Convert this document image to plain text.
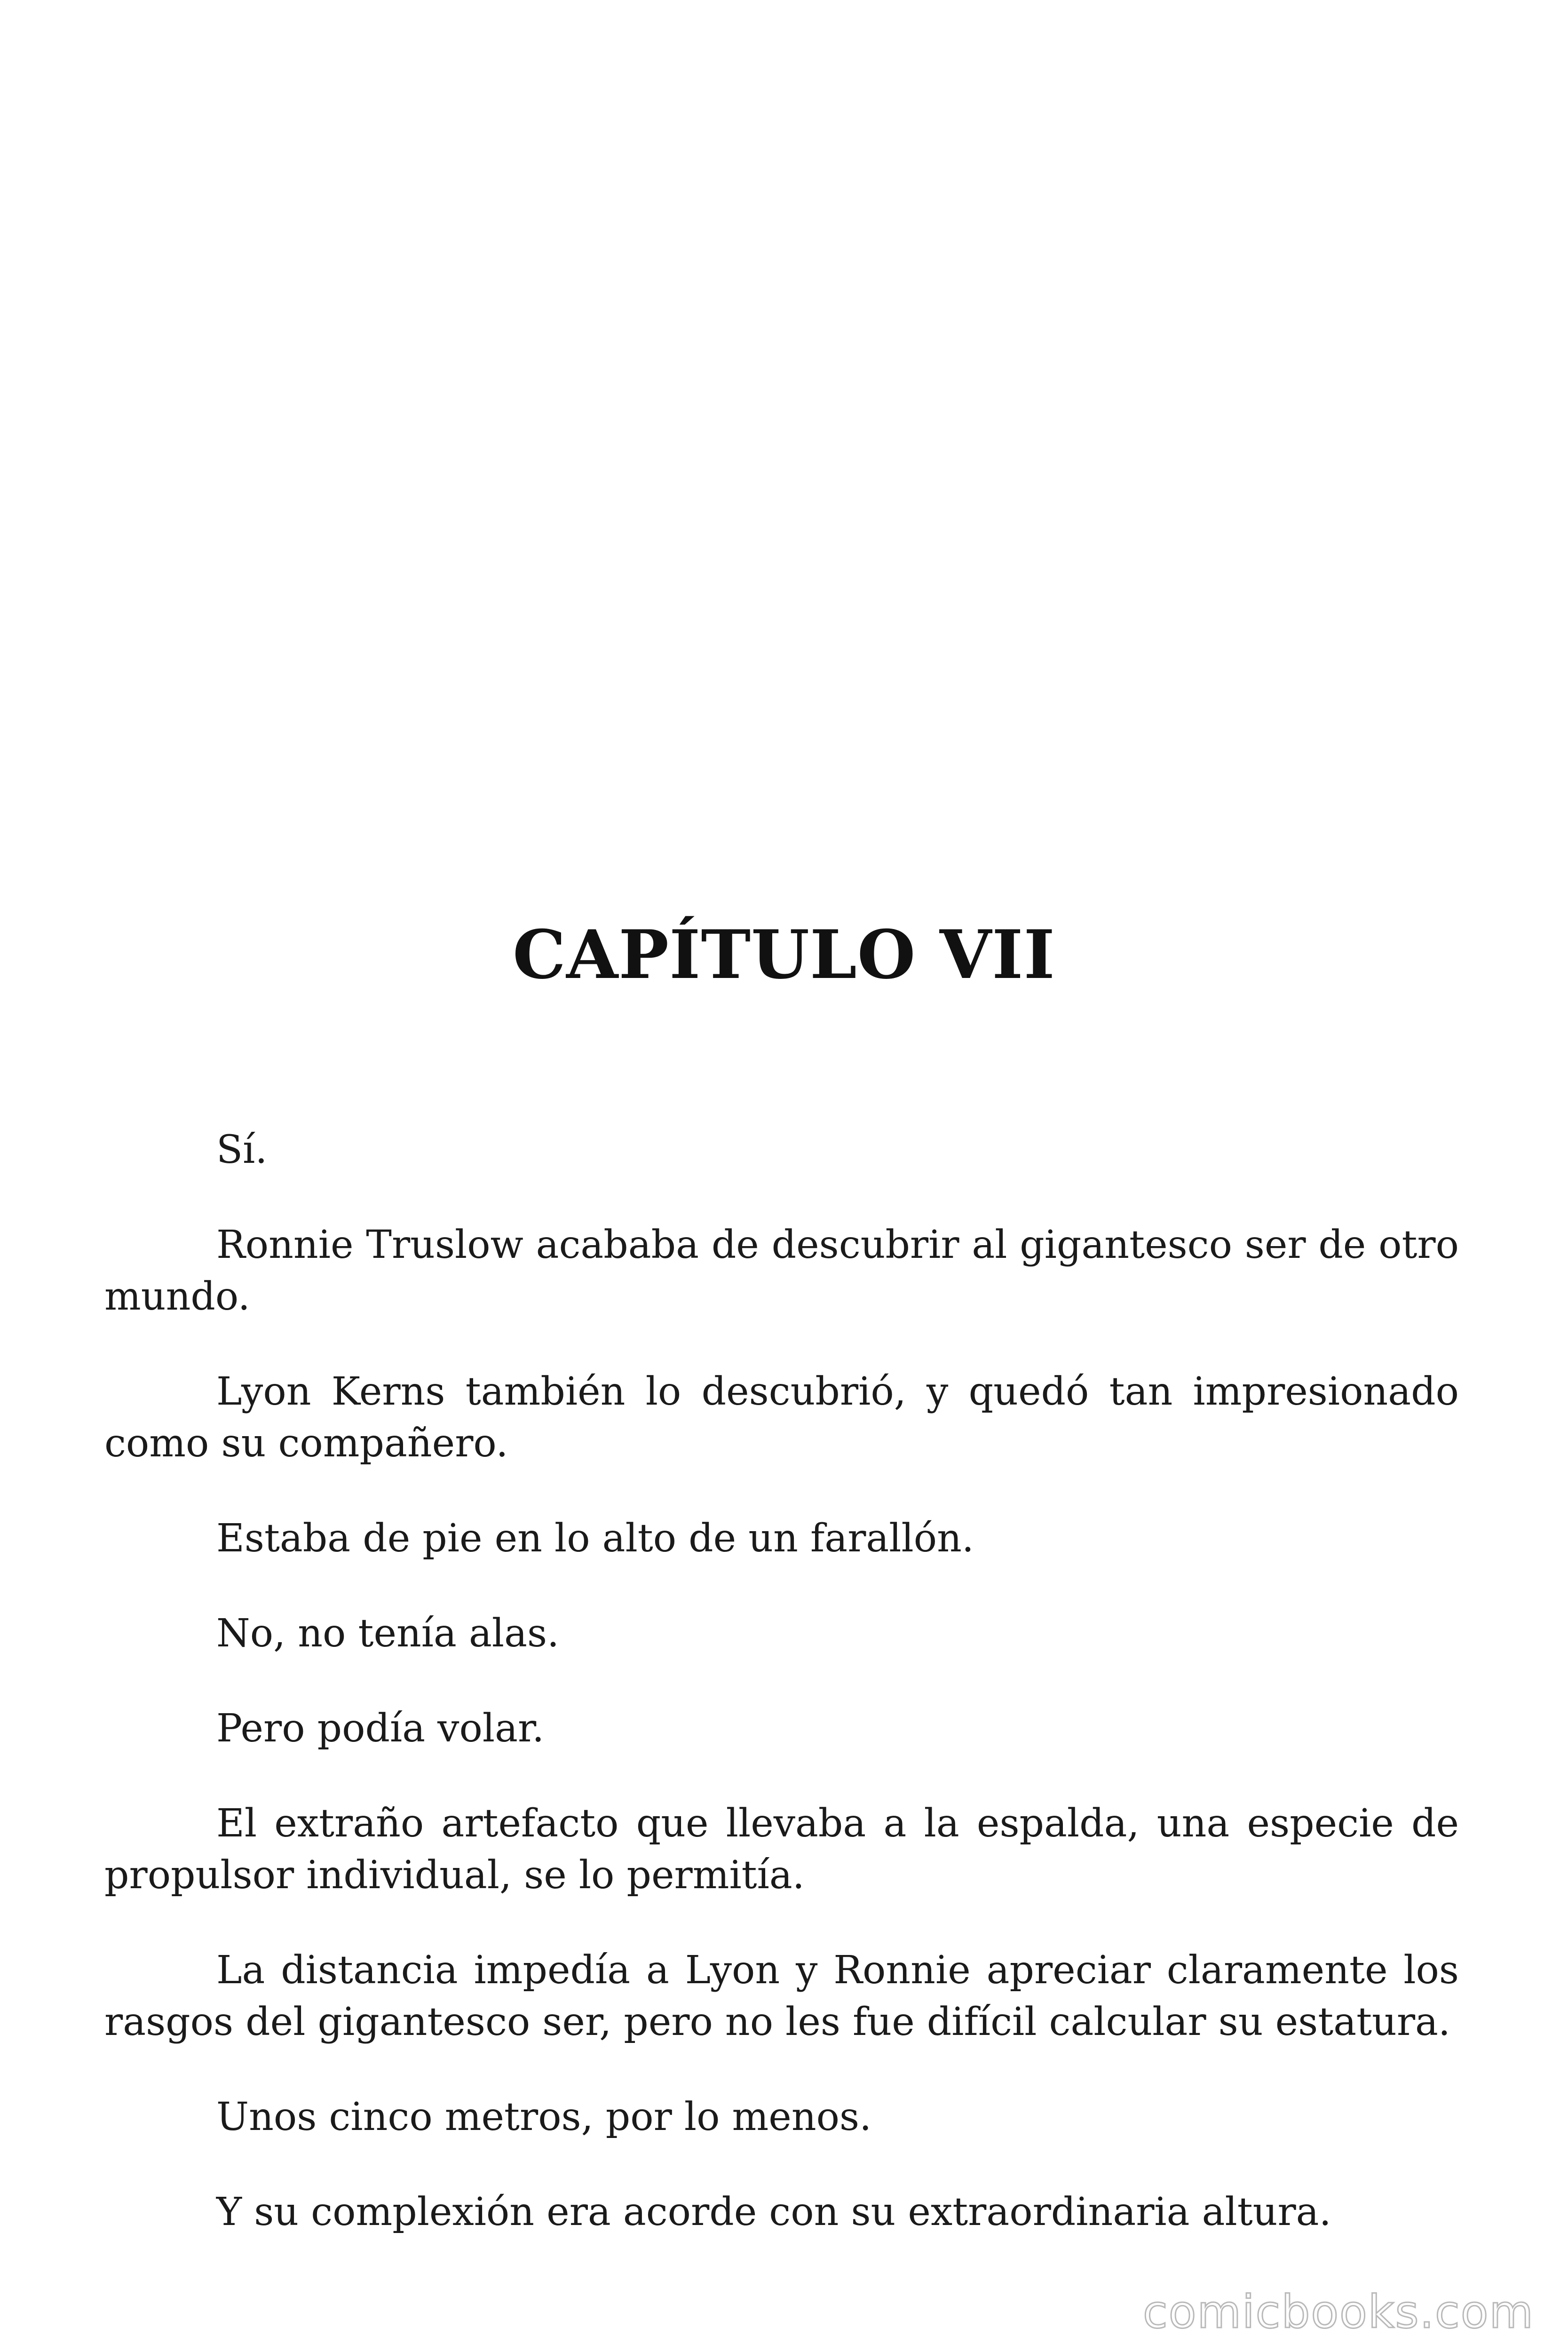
CAPÍTULO VII

Sí.

Ronnie Truslow acababa de descubrir al gigantesco ser de otro mundo.

Lyon Kerns también lo descubrió, y quedó tan impresionado como su compañero.

Estaba de pie en lo alto de un farallón.

No, no tenía alas.

Pero podía volar.

El extraño artefacto que llevaba a la espalda, una especie de propulsor individual, se lo permitía.

La distancia impedía a Lyon y Ronnie apreciar claramente los rasgos del gigantesco ser, pero no les fue difícil calcular su estatura.

Unos cinco metros, por lo menos.

Y su complexión era acorde con su extraordinaria altura.

comicbooks.com
